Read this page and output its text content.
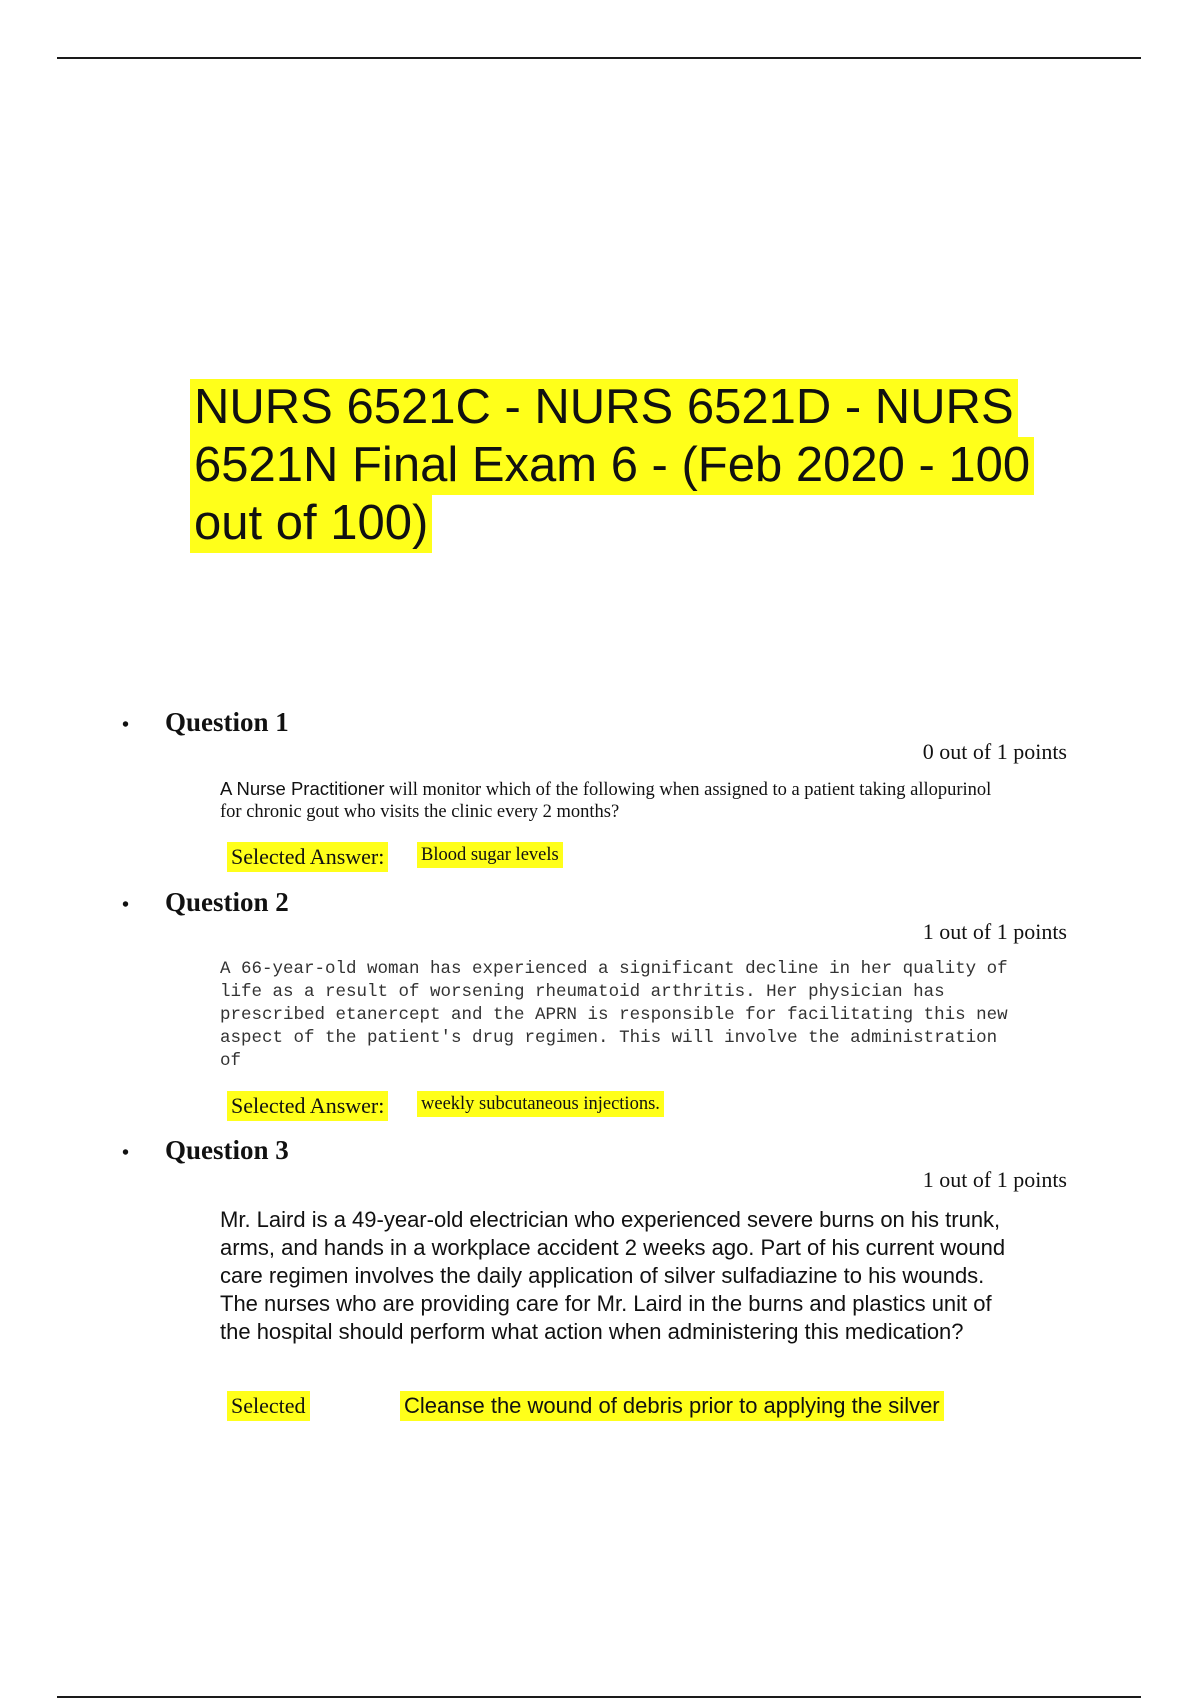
NURS 6521C - NURS 6521D - NURS 6521N Final Exam 6 - (Feb 2020 - 100 out of 100)
•	Question 1

0 out of 1 points

A Nurse Practitioner will monitor which of the following when assigned to a patient taking allopurinol for chronic gout who visits the clinic every 2 months?

Selected Answer: Blood sugar levels

•	Question 2

1 out of 1 points

A 66-year-old woman has experienced a significant decline in her quality of life as a result of worsening rheumatoid arthritis. Her physician has prescribed etanercept and the APRN is responsible for facilitating this new aspect of the patient's drug regimen. This will involve the administration of

Selected Answer: weekly subcutaneous injections.

•	Question 3

1 out of 1 points

Mr. Laird is a 49-year-old electrician who experienced severe burns on his trunk, arms, and hands in a workplace accident 2 weeks ago. Part of his current wound care regimen involves the daily application of silver sulfadiazine to his wounds. The nurses who are providing care for Mr. Laird in the burns and plastics unit of the hospital should perform what action when administering this medication?

Selected	Cleanse the wound of debris prior to applying the silver
